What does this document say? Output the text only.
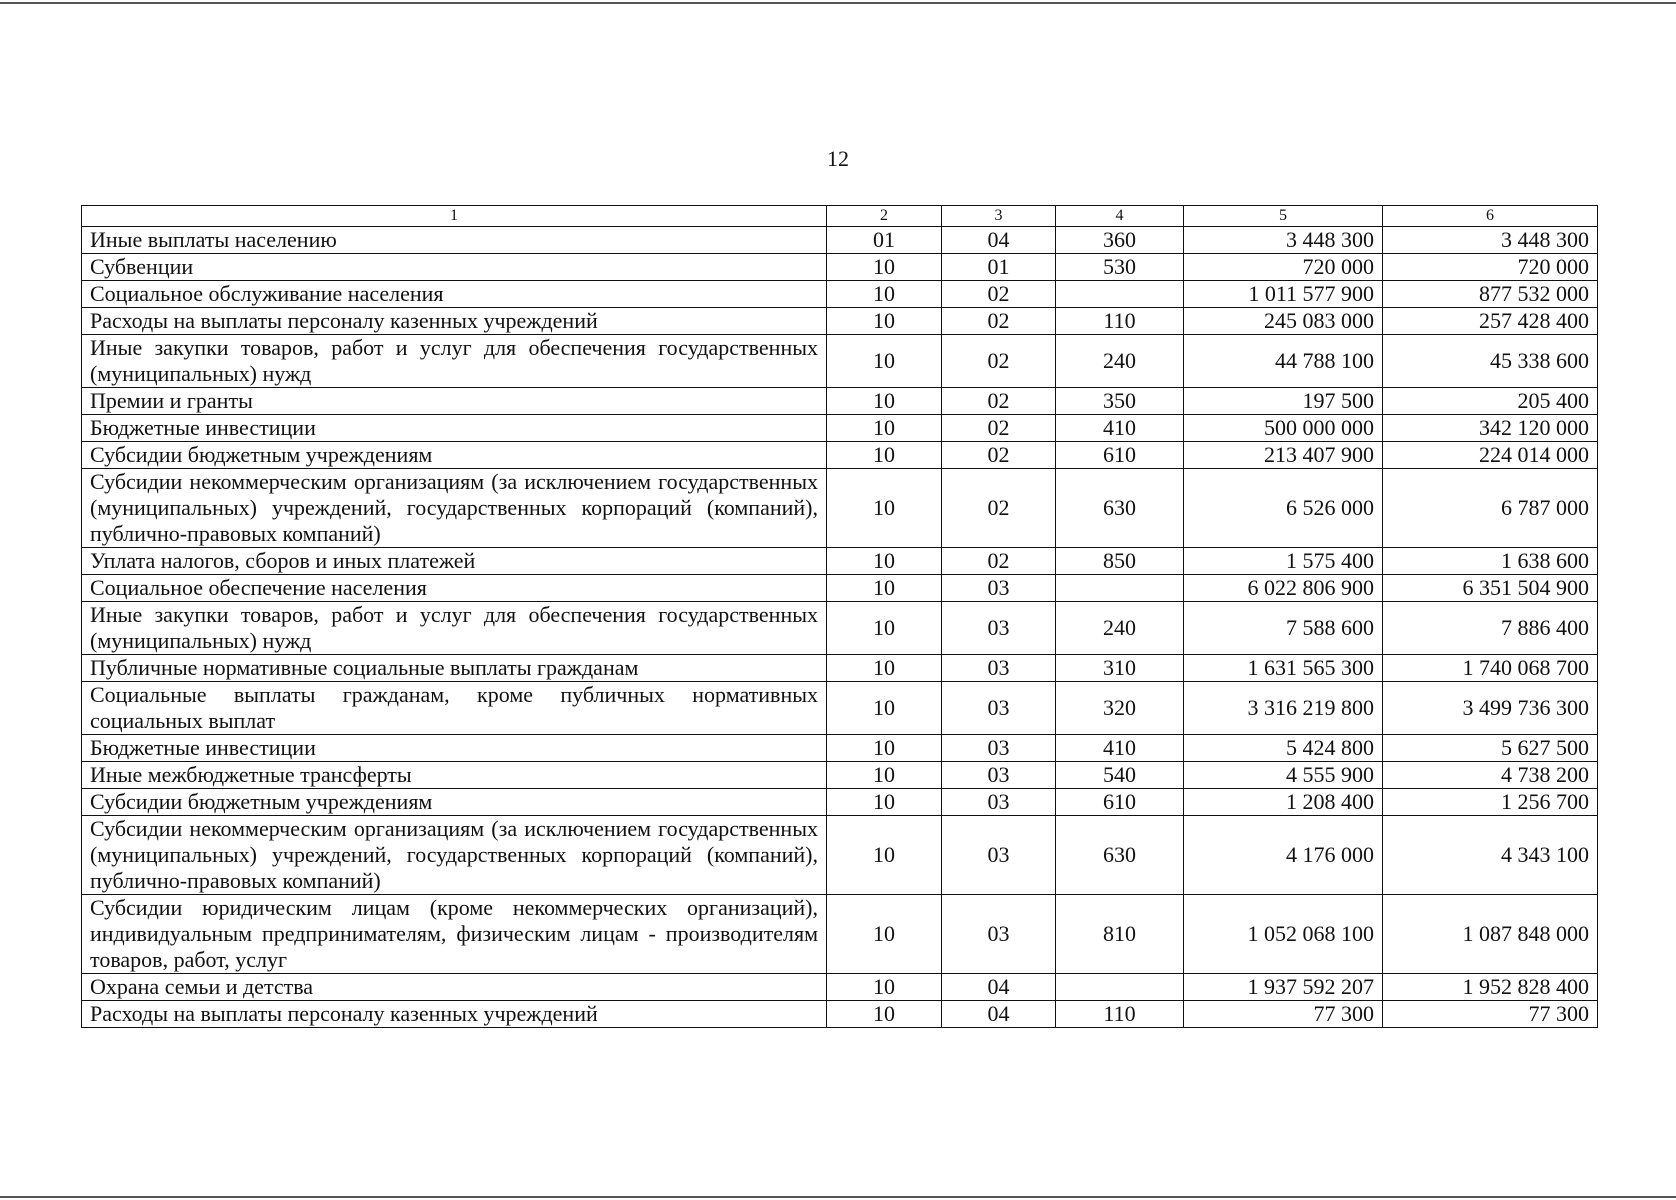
12
1	2	3	4	5	6
Иные выплаты населению	01	04	360	3 448 300	3 448 300
Субвенции	10	01	530	720 000	720 000
Социальное обслуживание населения	10	02		1 011 577 900	877 532 000
Расходы на выплаты персоналу казенных учреждений	10	02	110	245 083 000	257 428 400
Иные закупки товаров, работ и услуг для обеспечения государственных (муниципальных) нужд	10	02	240	44 788 100	45 338 600
Премии и гранты	10	02	350	197 500	205 400
Бюджетные инвестиции	10	02	410	500 000 000	342 120 000
Субсидии бюджетным учреждениям	10	02	610	213 407 900	224 014 000
Субсидии некоммерческим организациям (за исключением государственных (муниципальных) учреждений, государственных корпораций (компаний), публично-правовых компаний)	10	02	630	6 526 000	6 787 000
Уплата налогов, сборов и иных платежей	10	02	850	1 575 400	1 638 600
Социальное обеспечение населения	10	03		6 022 806 900	6 351 504 900
Иные закупки товаров, работ и услуг для обеспечения государственных (муниципальных) нужд	10	03	240	7 588 600	7 886 400
Публичные нормативные социальные выплаты гражданам	10	03	310	1 631 565 300	1 740 068 700
Социальные выплаты гражданам, кроме публичных нормативных социальных выплат	10	03	320	3 316 219 800	3 499 736 300
Бюджетные инвестиции	10	03	410	5 424 800	5 627 500
Иные межбюджетные трансферты	10	03	540	4 555 900	4 738 200
Субсидии бюджетным учреждениям	10	03	610	1 208 400	1 256 700
Субсидии некоммерческим организациям (за исключением государственных (муниципальных) учреждений, государственных корпораций (компаний), публично-правовых компаний)	10	03	630	4 176 000	4 343 100
Субсидии юридическим лицам (кроме некоммерческих организаций), индивидуальным предпринимателям, физическим лицам - производителям товаров, работ, услуг	10	03	810	1 052 068 100	1 087 848 000
Охрана семьи и детства	10	04		1 937 592 207	1 952 828 400
Расходы на выплаты персоналу казенных учреждений	10	04	110	77 300	77 300
